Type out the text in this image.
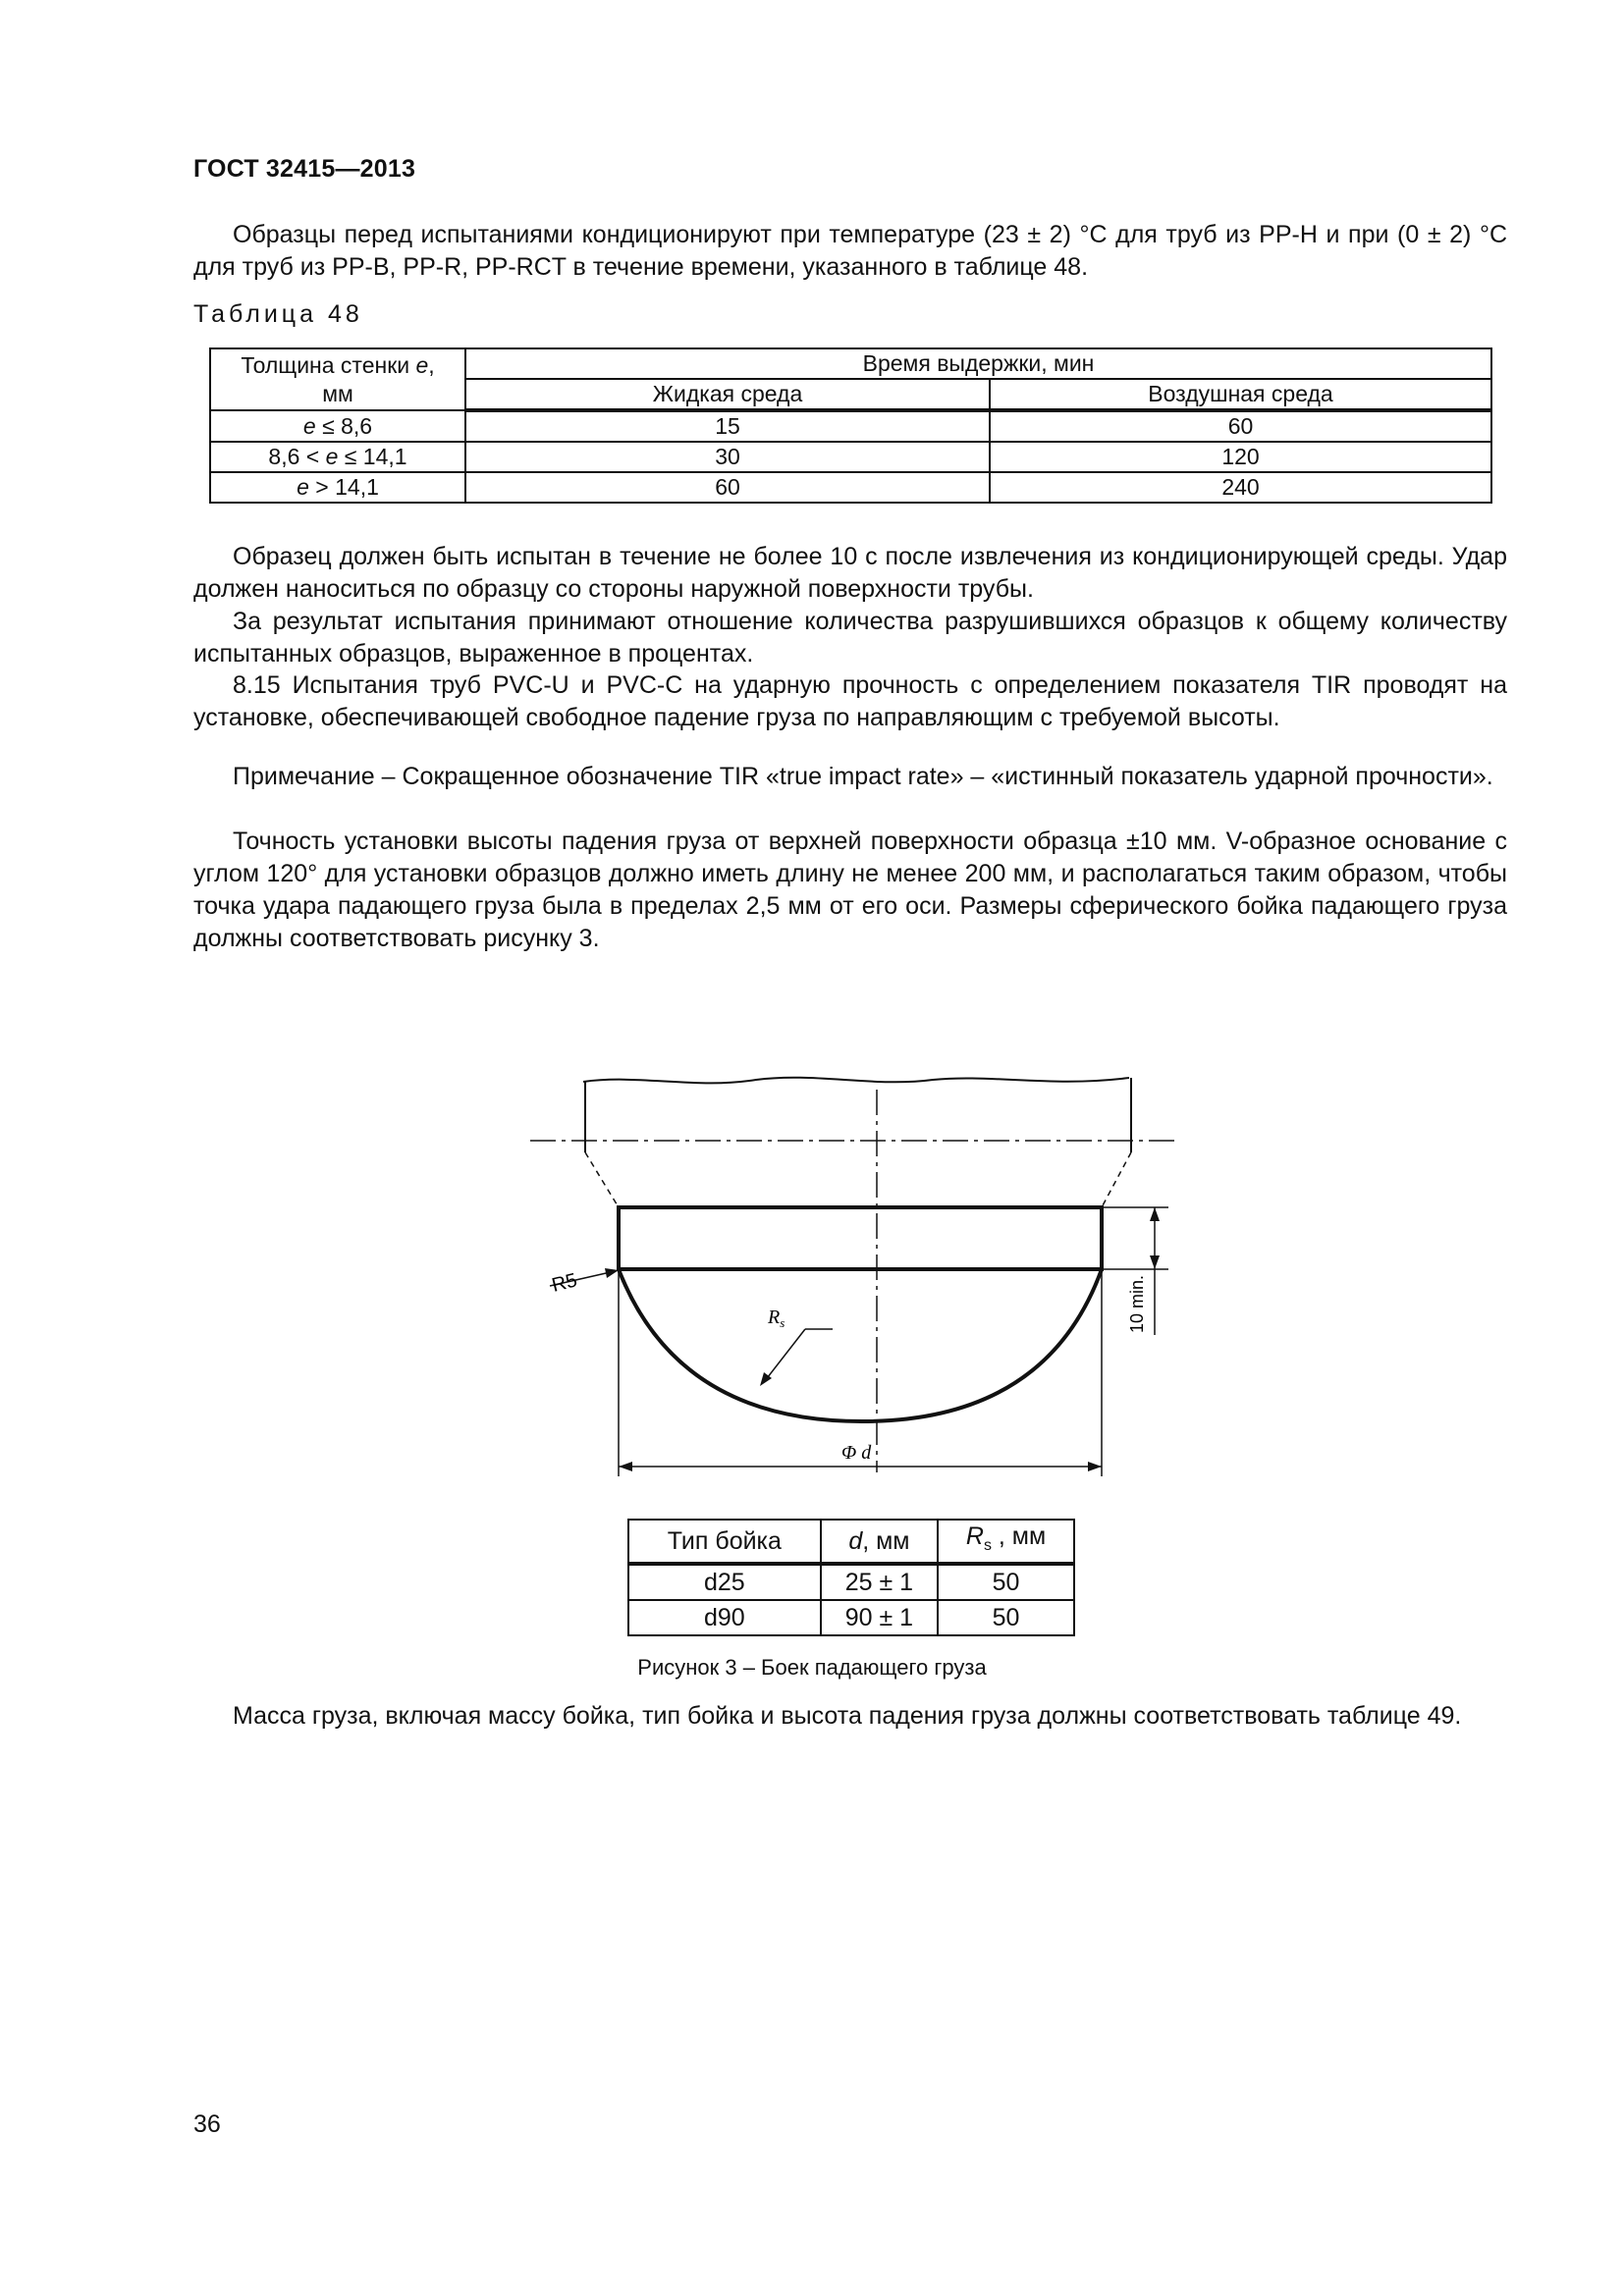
ГОСТ 32415—2013
Образцы перед испытаниями кондиционируют при температуре (23 ± 2) °С для труб из PP-H и при (0 ± 2) °С для труб из PP-B, PP-R, PP-RCT в течение времени, указанного в таблице 48.
Таблица 48
Толщина стенки е,
мм	Время выдержки, мин	
	Жидкая среда	Воздушная среда
е ≤ 8,6	15	60
8,6 < е ≤ 14,1	30	120
е > 14,1	60	240
Образец должен быть испытан в течение не более 10 с после извлечения из кондиционирующей среды. Удар должен наноситься по образцу со стороны наружной поверхности трубы.
За результат испытания принимают отношение количества разрушившихся образцов к общему количеству испытанных образцов, выраженное в процентах.
8.15 Испытания труб PVC-U и PVC-C на ударную прочность с определением показателя TIR проводят на установке, обеспечивающей свободное падение груза по направляющим с требуемой высоты.
Примечание – Сокращенное обозначение TIR «true impact rate» – «истинный показатель ударной прочности».
Точность установки высоты падения груза от верхней поверхности образца ±10 мм. V-образное основание с углом 120° для установки образцов должно иметь длину не менее 200 мм, и располагаться таким образом, чтобы точка удара падающего груза была в пределах 2,5 мм от его оси. Размеры сферического бойка падающего груза должны соответствовать рисунку 3.
10 min.
Φ d
R5
$R_s$
Тип бойка	d, мм	$R_s$ , мм
d25	25 ± 1	50
d90	90 ± 1	50
Рисунок 3 – Боек падающего груза
Масса груза, включая массу бойка, тип бойка и высота падения груза должны соответствовать таблице 49.
36
